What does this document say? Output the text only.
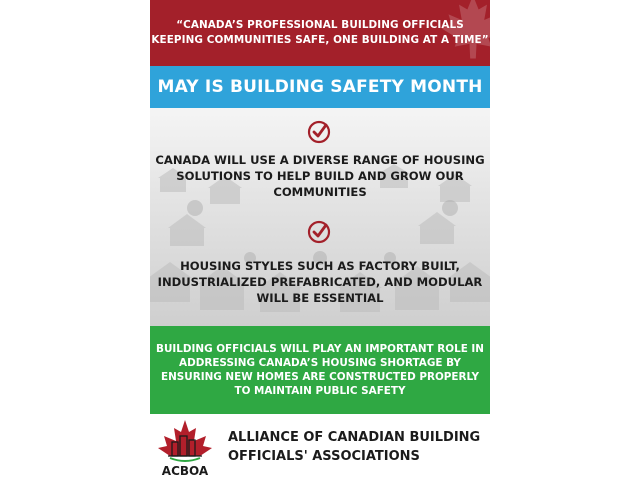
“CANADA’S PROFESSIONAL BUILDING OFFICIALS
KEEPING COMMUNITIES SAFE, ONE BUILDING AT A TIME”
MAY IS BUILDING SAFETY MONTH
CANADA WILL USE A DIVERSE RANGE OF HOUSING
SOLUTIONS TO HELP BUILD AND GROW OUR
COMMUNITIES
HOUSING STYLES SUCH AS FACTORY BUILT,
INDUSTRIALIZED PREFABRICATED, AND MODULAR
WILL BE ESSENTIAL
BUILDING OFFICIALS WILL PLAY AN IMPORTANT ROLE IN
ADDRESSING CANADA’S HOUSING SHORTAGE BY
ENSURING NEW HOMES ARE CONSTRUCTED PROPERLY
TO MAINTAIN PUBLIC SAFETY
ACBOA
ALLIANCE OF CANADIAN BUILDING
OFFICIALS' ASSOCIATIONS
